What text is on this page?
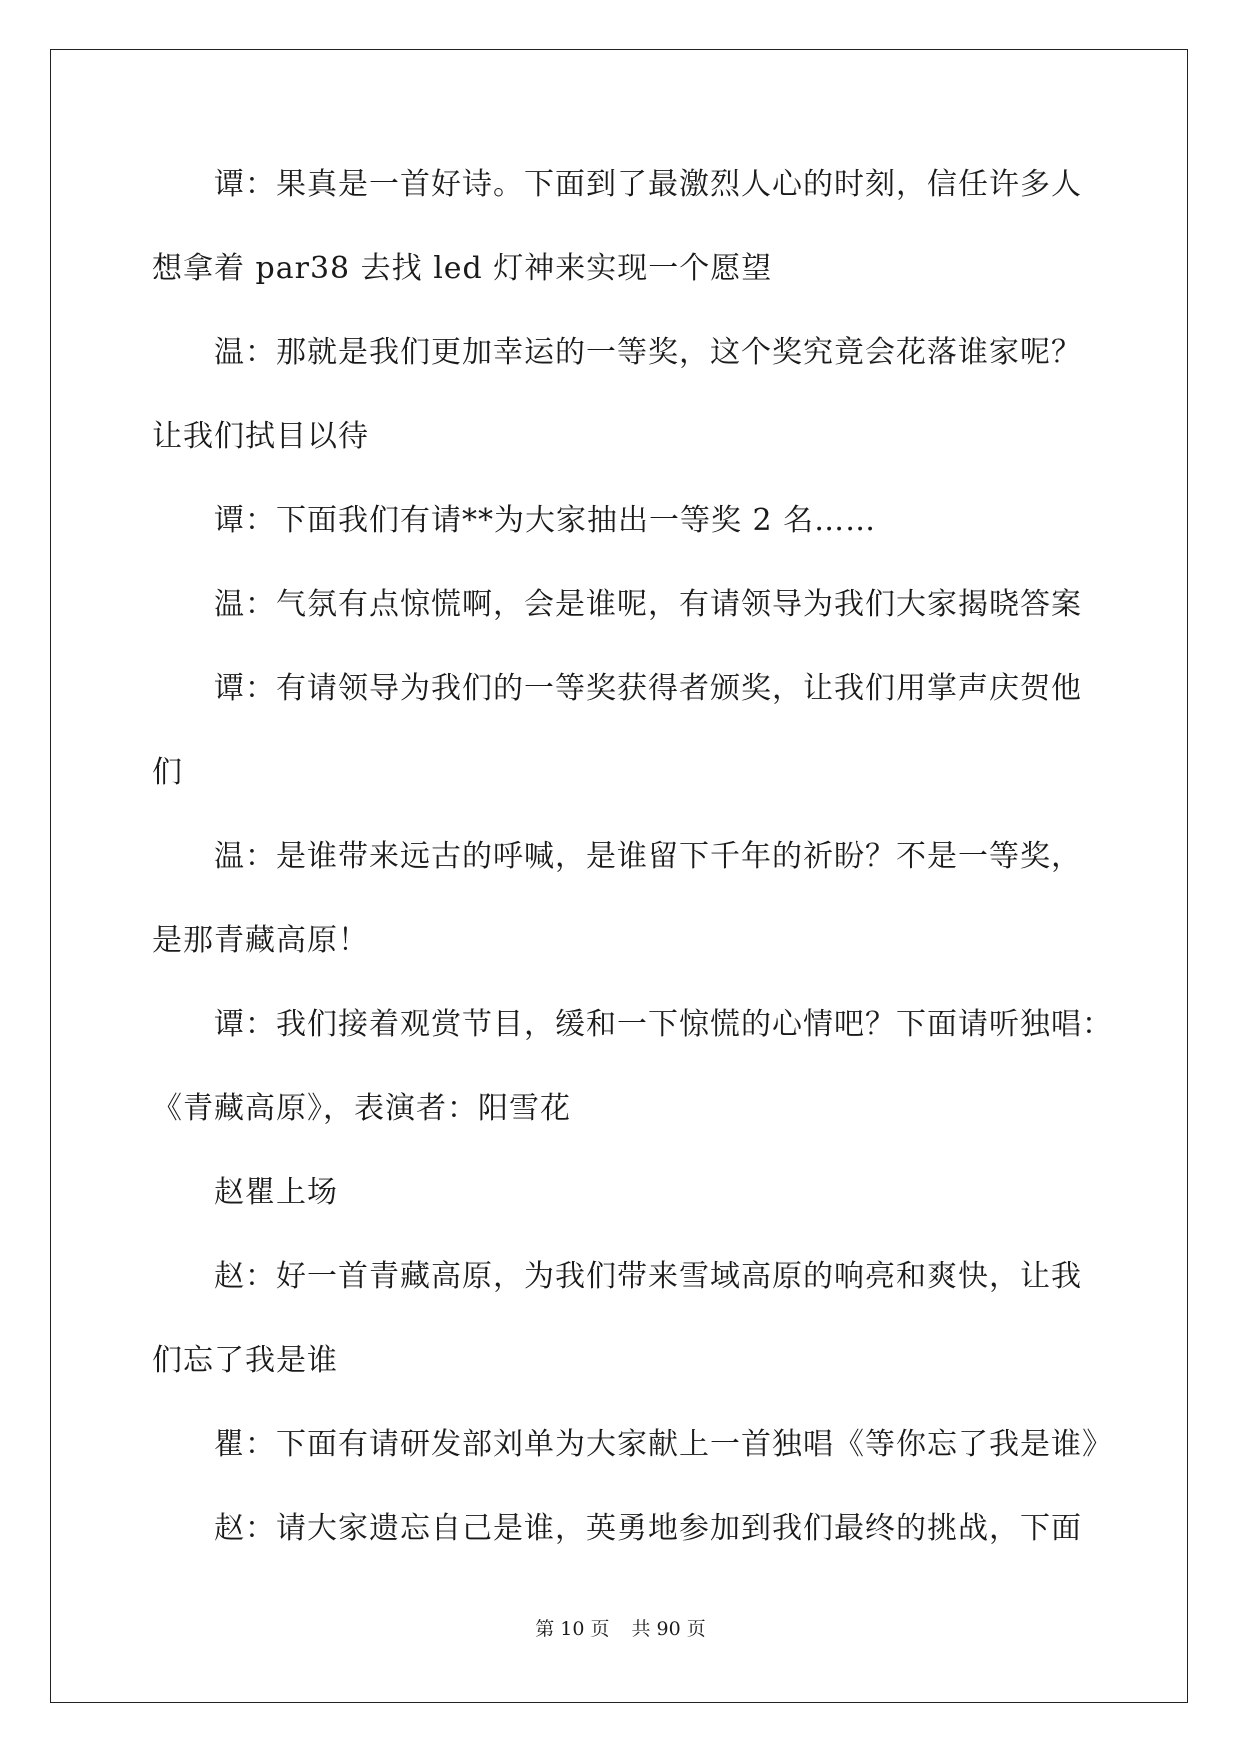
谭：果真是一首好诗。下面到了最激烈人心的时刻，信任许多人
想拿着 par38 去找 led 灯神来实现一个愿望
温：那就是我们更加幸运的一等奖，这个奖究竟会花落谁家呢？
让我们拭目以待
谭：下面我们有请**为大家抽出一等奖 2 名……
温：气氛有点惊慌啊，会是谁呢，有请领导为我们大家揭晓答案
谭：有请领导为我们的一等奖获得者颁奖，让我们用掌声庆贺他
们
温：是谁带来远古的呼喊，是谁留下千年的祈盼？不是一等奖，
是那青藏高原！
谭：我们接着观赏节目，缓和一下惊慌的心情吧？下面请听独唱：
《青藏高原》，表演者：阳雪花
赵瞿上场
赵：好一首青藏高原，为我们带来雪域高原的响亮和爽快，让我
们忘了我是谁
瞿：下面有请研发部刘单为大家献上一首独唱《等你忘了我是谁》
赵：请大家遗忘自己是谁，英勇地参加到我们最终的挑战，下面
第 10 页 共 90 页
